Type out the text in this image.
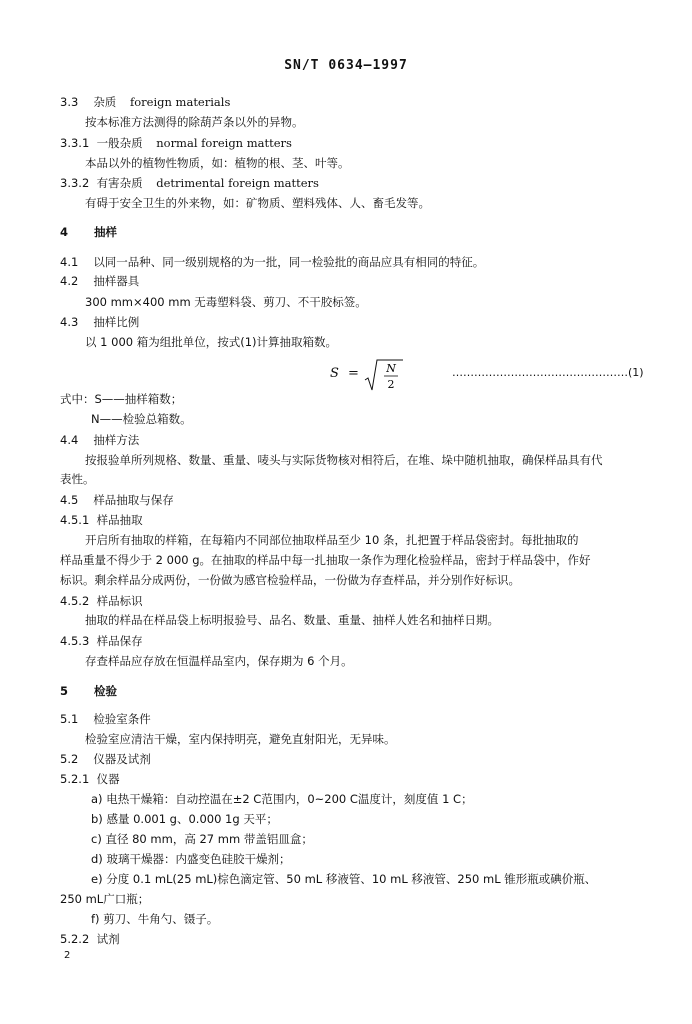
SN/T 0634—1997
3.3 杂质 foreign materials
按本标准方法测得的除葫芦条以外的异物。
3.3.1 一般杂质 normal foreign matters
本品以外的植物性物质，如：植物的根、茎、叶等。
3.3.2 有害杂质 detrimental foreign matters
有碍于安全卫生的外来物，如：矿物质、塑料残体、人、畜毛发等。
4 抽样
4.1 以同一品种、同一级别规格的为一批，同一检验批的商品应具有相同的特征。
4.2 抽样器具
300 mm×400 mm 无毒塑料袋、剪刀、不干胶标签。
4.3 抽样比例
以 1 000 箱为组批单位，按式(1)计算抽取箱数。
S = N
2
…………………………………………(1)
式中：S——抽样箱数；
N——检验总箱数。
4.4 抽样方法
按报验单所列规格、数量、重量、唛头与实际货物核对相符后，在堆、垛中随机抽取，确保样品具有代
表性。
4.5 样品抽取与保存
4.5.1 样品抽取
开启所有抽取的样箱，在每箱内不同部位抽取样品至少 10 条，扎把置于样品袋密封。每批抽取的
样品重量不得少于 2 000 g。在抽取的样品中每一扎抽取一条作为理化检验样品，密封于样品袋中，作好
标识。剩余样品分成两份，一份做为感官检验样品，一份做为存查样品，并分别作好标识。
4.5.2 样品标识
抽取的样品在样品袋上标明报验号、品名、数量、重量、抽样人姓名和抽样日期。
4.5.3 样品保存
存查样品应存放在恒温样品室内，保存期为 6 个月。
5 检验
5.1 检验室条件
检验室应清洁干燥，室内保持明亮，避免直射阳光，无异味。
5.2 仪器及试剂
5.2.1 仪器
a) 电热干燥箱：自动控温在±2 C范围内，0~200 C温度计，刻度值 1 C；
b) 感量 0.001 g、0.000 1g 天平；
c) 直径 80 mm，高 27 mm 带盖铝皿盒；
d) 玻璃干燥器：内盛变色硅胶干燥剂；
e) 分度 0.1 mL(25 mL)棕色滴定管、50 mL 移液管、10 mL 移液管、250 mL 锥形瓶或碘价瓶、
250 mL广口瓶；
f) 剪刀、牛角勺、镊子。
5.2.2 试剂
2
